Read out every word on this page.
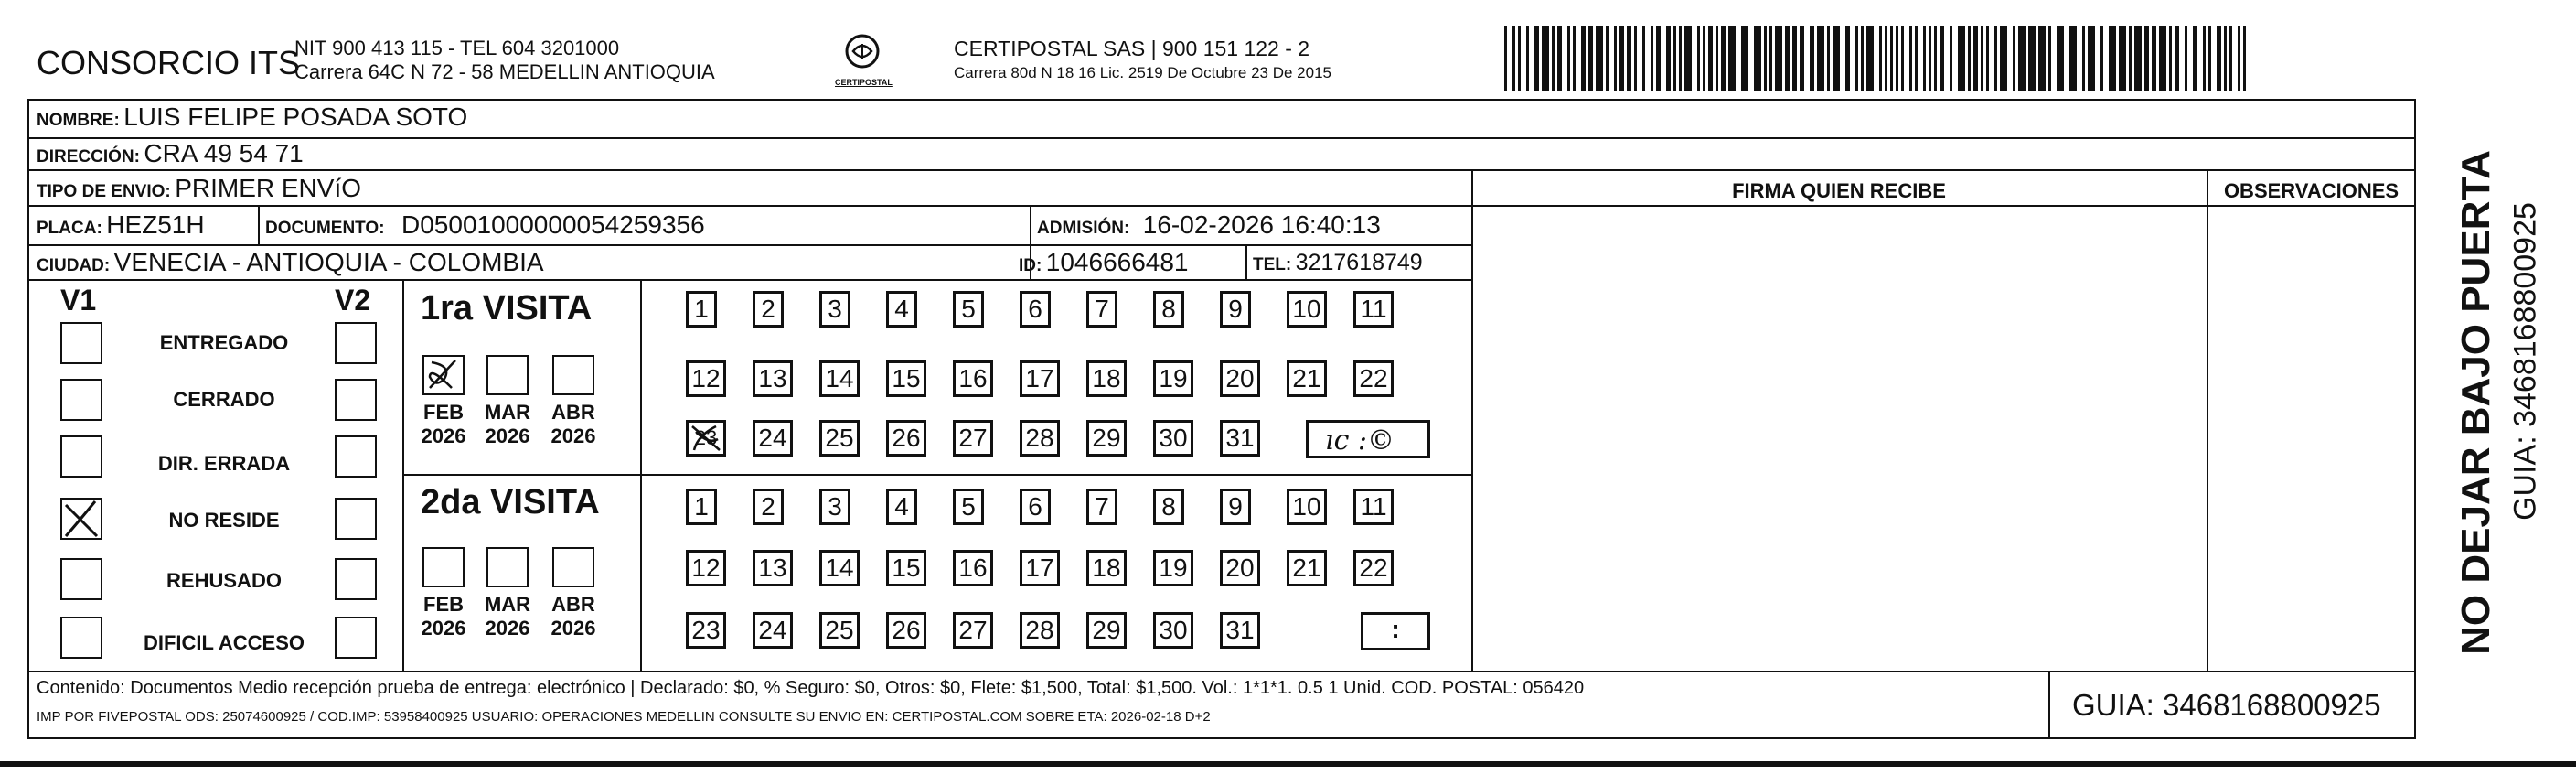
CONSORCIO ITS
NIT 900 413 115 - TEL 604 3201000
Carrera 64C N 72 - 58 MEDELLIN ANTIOQUIA	CERTIPOSTAL
CERTIPOSTAL SAS | 900 151 122 - 2
Carrera 80d N 18 16 Lic. 2519 De Octubre 23 De 2015
NOMBRE: LUIS FELIPE POSADA SOTO
DIRECCIÓN: CRA 49 54 71
TIPO DE ENVIO: PRIMER ENVíO
PLACA: HEZ51H	DOCUMENTO: D05001000000054259356	ADMISIÓN: 16-02-2026 16:40:13
CIUDAD: VENECIA - ANTIOQUIA - COLOMBIA	ID: 1046666481	TEL: 3217618749
FIRMA QUIEN RECIBE	OBSERVACIONES
V1	V2
ENTREGADO
CERRADO
DIR. ERRADA
NO RESIDE
REHUSADO
DIFICIL ACCESO
1ra VISITA
2da VISITA
FEB
2026
MAR
2026
ABR
2026
FEB
2026
MAR
2026
ABR
2026
1 2 3 4 5 6 7 8 9 10 11
12 13 14 15 16 17 18 19 20 21 22
23 24 25 26 27 28 29 30 31
1 2 3 4 5 6 7 8 9 10 11
12 13 14 15 16 17 18 19 20 21 22
23 24 25 26 27 28 29 30 31
ıc :©
:	NO DEJAR BAJO PUERTA GUIA: 3468168800925
Contenido: Documentos Medio recepción prueba de entrega: electrónico | Declarado: $0, % Seguro: $0, Otros: $0, Flete: $1,500, Total: $1,500. Vol.: 1*1*1. 0.5 1 Unid. COD. POSTAL: 056420
IMP POR FIVEPOSTAL ODS: 25074600925 / COD.IMP: 53958400925 USUARIO: OPERACIONES MEDELLIN CONSULTE SU ENVIO EN: CERTIPOSTAL.COM SOBRE ETA: 2026-02-18 D+2	GUIA: 3468168800925
